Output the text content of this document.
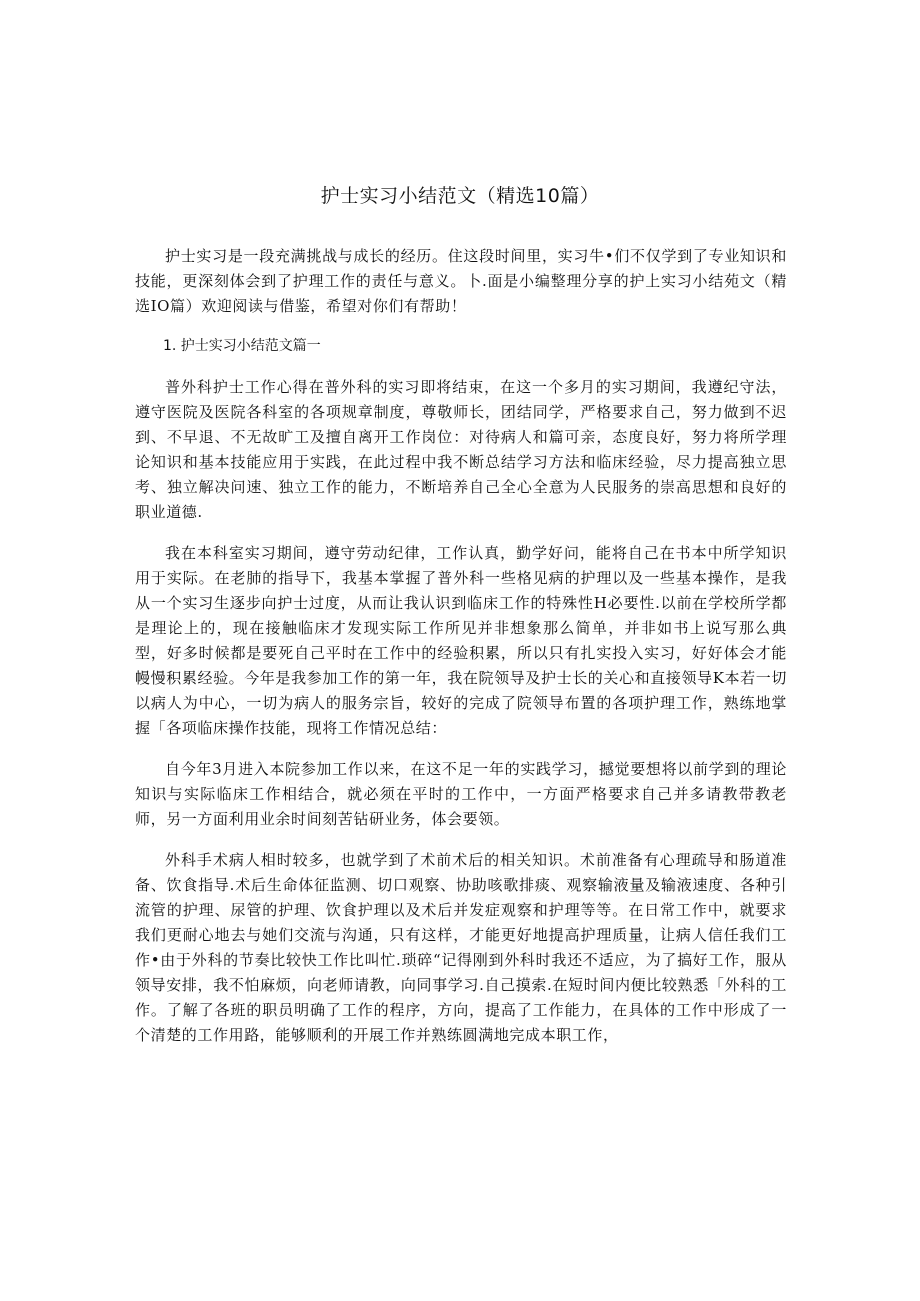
护士实习小结范文（精选10篇）

护士实习是一段充满挑战与成长的经历。住这段时间里，实习牛•们不仅学到了专业知识和技能，更深刻体会到了护理工作的责任与意义。卜.面是小编整理分享的护上实习小结苑文（精选IO篇）欢迎阅读与借鉴，希望对你们有帮助！

1. 护士实习小结范文篇一

普外科护士工作心得在普外科的实习即将结束，在这一个多月的实习期间，我遵纪守法，遵守医院及医院各科室的各项规章制度，尊敬师长，团结同学，严格要求自己，努力做到不迟到、不早退、不无故旷工及擅自离开工作岗位：对待病人和篇可亲，态度良好，努力将所学理论知识和基本技能应用于实践，在此过程中我不断总结学习方法和临床经验，尽力提高独立思考、独立解决问速、独立工作的能力，不断培养自己全心全意为人民服务的崇高思想和良好的职业道德.

我在本科室实习期间，遵守劳动纪律，工作认真，勤学好问，能将自己在书本中所学知识用于实际。在老肺的指导下，我基本掌握了普外科一些格见病的护理以及一些基本操作，是我从一个实习生逐步向护士过度，从而让我认识到临床工作的特殊性H必要性.以前在学校所学都是理论上的，现在接触临床才发现实际工作所见并非想象那么简单，并非如书上说写那么典型，好多时候都是要死自己平时在工作中的经验积累，所以只有扎实投入实习，好好体会才能幔慢积累经验。今年是我参加工作的第一年，我在院领导及护士长的关心和直接领导K本若一切以病人为中心，一切为病人的服务宗旨，较好的完成了院领导布置的各项护理工作，熟练地掌握「各项临床操作技能，现将工作情况总结：

自今年3月进入本院参加工作以来，在这不足一年的实践学习，撼觉要想将以前学到的理论知识与实际临床工作相结合，就必须在平时的工作中，一方面严格要求自己并多请教带教老师，另一方面利用业余时间刻苦钻研业务，体会要领。

外科手术病人相时较多，也就学到了术前术后的相关知识。术前准备有心理疏导和肠道准备、饮食指导.术后生命体征监测、切口观察、协助咳歌排痰、观察输液量及输液速度、各种引流管的护理、尿管的护理、饮食护理以及术后并发症观察和护理等等。在日常工作中，就要求我们更耐心地去与她们交流与沟通，只有这样，才能更好地提高护理质量，让病人信任我们工作•由于外科的节奏比较快工作比叫忙.琐碎“记得刚到外科时我还不适应，为了搞好工作，服从领导安排，我不怕麻烦，向老师请教，向同事学习.自己摸索.在短时间内便比较熟悉「外科的工作。了解了各班的职员明确了工作的程序，方向，提高了工作能力，在具体的工作中形成了一个清楚的工作用路，能够顺利的开展工作并熟练圆满地完成本职工作，
